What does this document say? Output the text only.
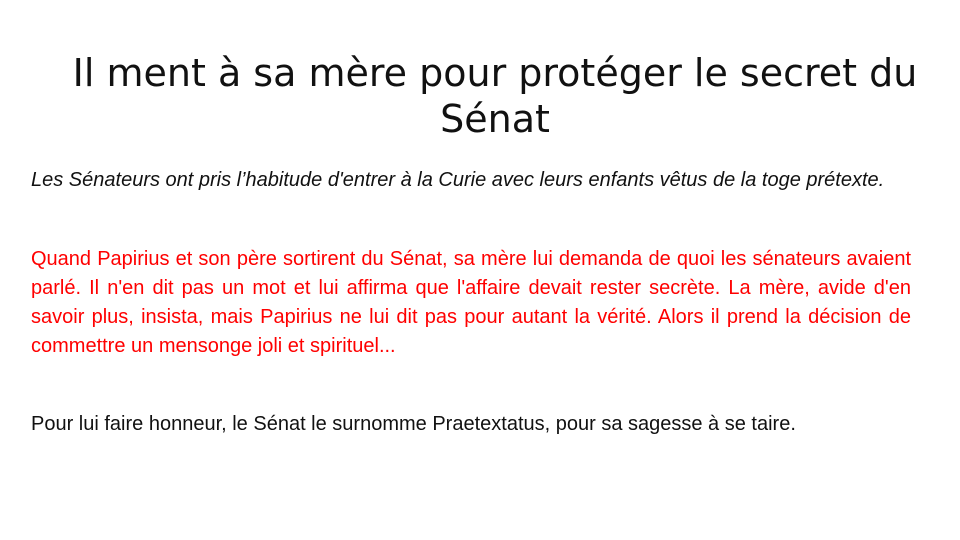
Il ment à sa mère pour protéger le secret du Sénat

Les Sénateurs ont pris l’habitude d'entrer à la Curie avec leurs enfants vêtus de la toge prétexte.

Quand Papirius et son père sortirent du Sénat, sa mère lui demanda de quoi les sénateurs avaient parlé. Il n'en dit pas un mot et lui affirma que l'affaire devait rester secrète. La mère, avide d'en savoir plus, insista, mais Papirius ne lui dit pas pour autant la vérité. Alors il prend la décision de commettre un mensonge joli et spirituel...

Pour lui faire honneur, le Sénat le surnomme Praetextatus, pour sa sagesse à se taire.
